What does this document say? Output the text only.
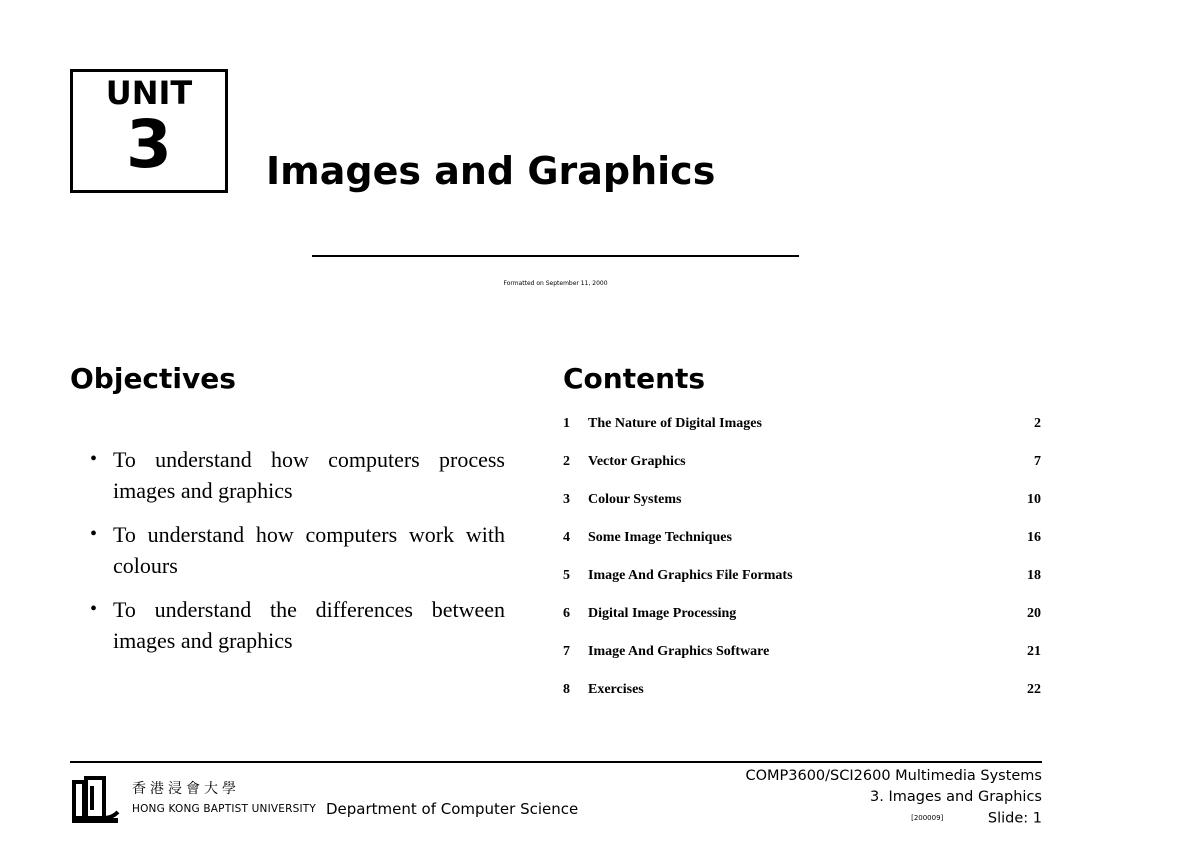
UNIT
3	Images and Graphics
Formatted on September 11, 2000
Objectives
• To understand how computers process images and graphics
• To understand how computers work with colours
• To understand the differences between images and graphics
Contents
1 The Nature of Digital Images	2
2 Vector Graphics	7
3 Colour Systems	10
4 Some Image Techniques	16
5 Image And Graphics File Formats	18
6 Digital Image Processing	20
7 Image And Graphics Software	21
8 Exercises	22
香港浸會大學
HONG KONG BAPTIST UNIVERSITY Department of Computer Science
COMP3600/SCI2600 Multimedia Systems
3. Images and Graphics
[200009]	Slide: 1
